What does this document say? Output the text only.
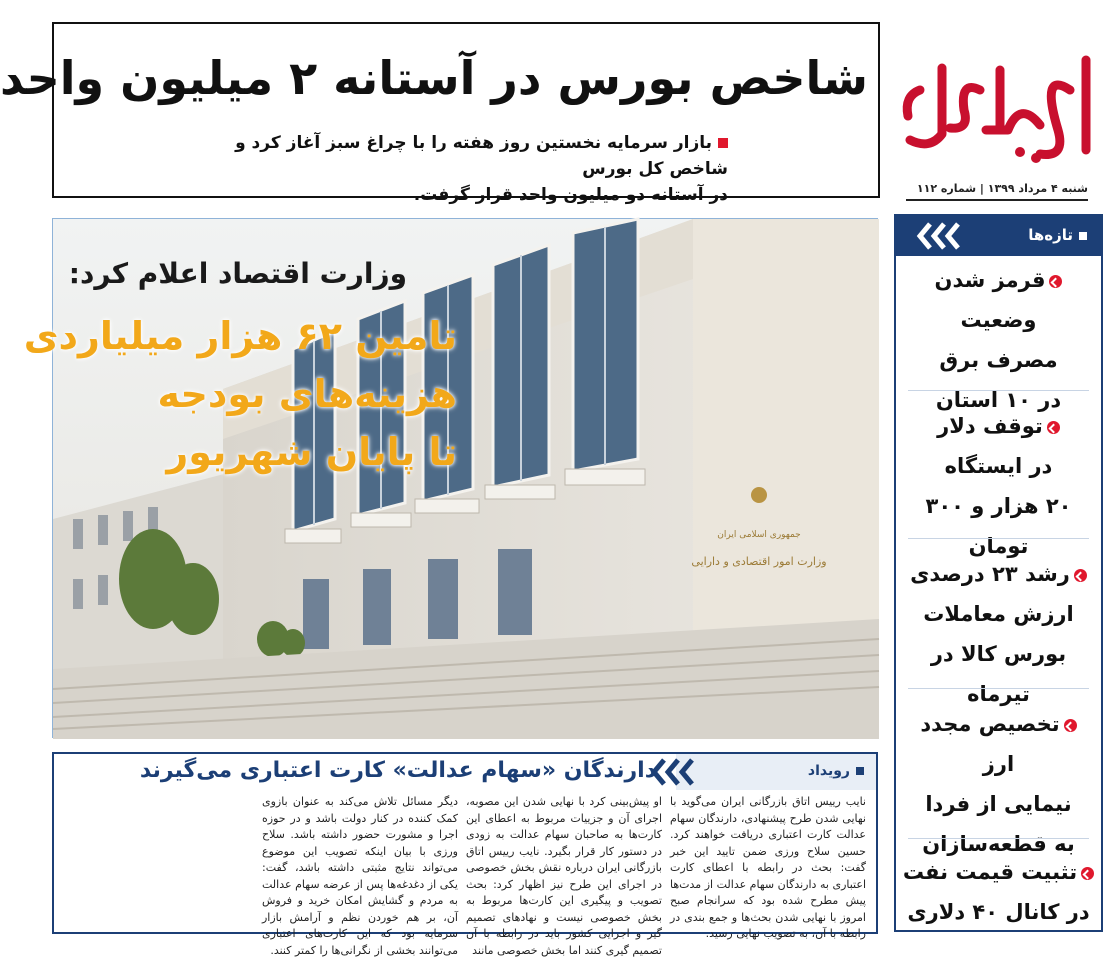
شنبه ۴ مرداد ۱۳۹۹ | شماره ۱۱۲
شاخص بورس در آستانه ۲ میلیون واحد
بازار سرمایه نخستین روز هفته را با چراغ سبز آغاز کرد و شاخص کل بورس
در آستانه دو میلیون واحد قرار گرفت.
جمهوری اسلامی ایران
وزارت امور اقتصادی و دارایی
وزارت اقتصاد اعلام کرد:
تامین ۶۲ هزار میلیاردی
هزینه‌های بودجه
تا پایان شهریور
تازه‌ها
قرمز شدن وضعیت
مصرف برق
در ۱۰ استان
توقف دلار
در ایستگاه
۲۰ هزار و ۳۰۰ تومان
رشد ۲۳ درصدی
ارزش معاملات
بورس کالا در تیرماه
تخصیص مجدد ارز
نیمایی از فردا
به قطعه‌سازان
تثبیت قیمت نفت
در کانال ۴۰ دلاری
رویداد
دارندگان «سهام عدالت» کارت اعتباری می‌گیرند
نایب رییس اتاق بازرگانی ایران می‌گوید با نهایی شدن طرح پیشنهادی، دارندگان سهام عدالت کارت اعتباری دریافت خواهند کرد. حسین سلاح ورزی ضمن تایید این خبر گفت: بحث در رابطه با اعطای کارت اعتباری به دارندگان سهام عدالت از مدت‌ها پیش مطرح شده بود که سرانجام صبح امروز با نهایی شدن بحث‌ها و جمع بندی در رابطه با آن، به تصویب نهایی رسید.
او پیش‌بینی کرد با نهایی شدن این مصوبه، اجرای آن و جزییات مربوط به اعطای این کارت‌ها به صاحبان سهام عدالت به زودی در دستور کار قرار بگیرد. نایب رییس اتاق بازرگانی ایران درباره نقش بخش خصوصی در اجرای این طرح نیز اظهار کرد: بحث تصویب و پیگیری این کارت‌ها مربوط به بخش خصوصی نیست و نهادهای تصمیم گیر و اجرایی کشور باید در رابطه با آن تصمیم گیری کنند اما بخش خصوصی مانند
دیگر مسائل تلاش می‌کند به عنوان بازوی کمک کننده در کنار دولت باشد و در حوزه اجرا و مشورت حضور داشته باشد. سلاح ورزی با بیان اینکه تصویب این موضوع می‌تواند نتایج مثبتی داشته باشد، گفت: یکی از دغدغه‌ها پس از عرضه سهام عدالت به مردم و گشایش امکان خرید و فروش آن، بر هم خوردن نظم و آرامش بازار سرمایه بود که این کارت‌های اعتباری می‌توانند بخشی از نگرانی‌ها را کمتر کنند.
